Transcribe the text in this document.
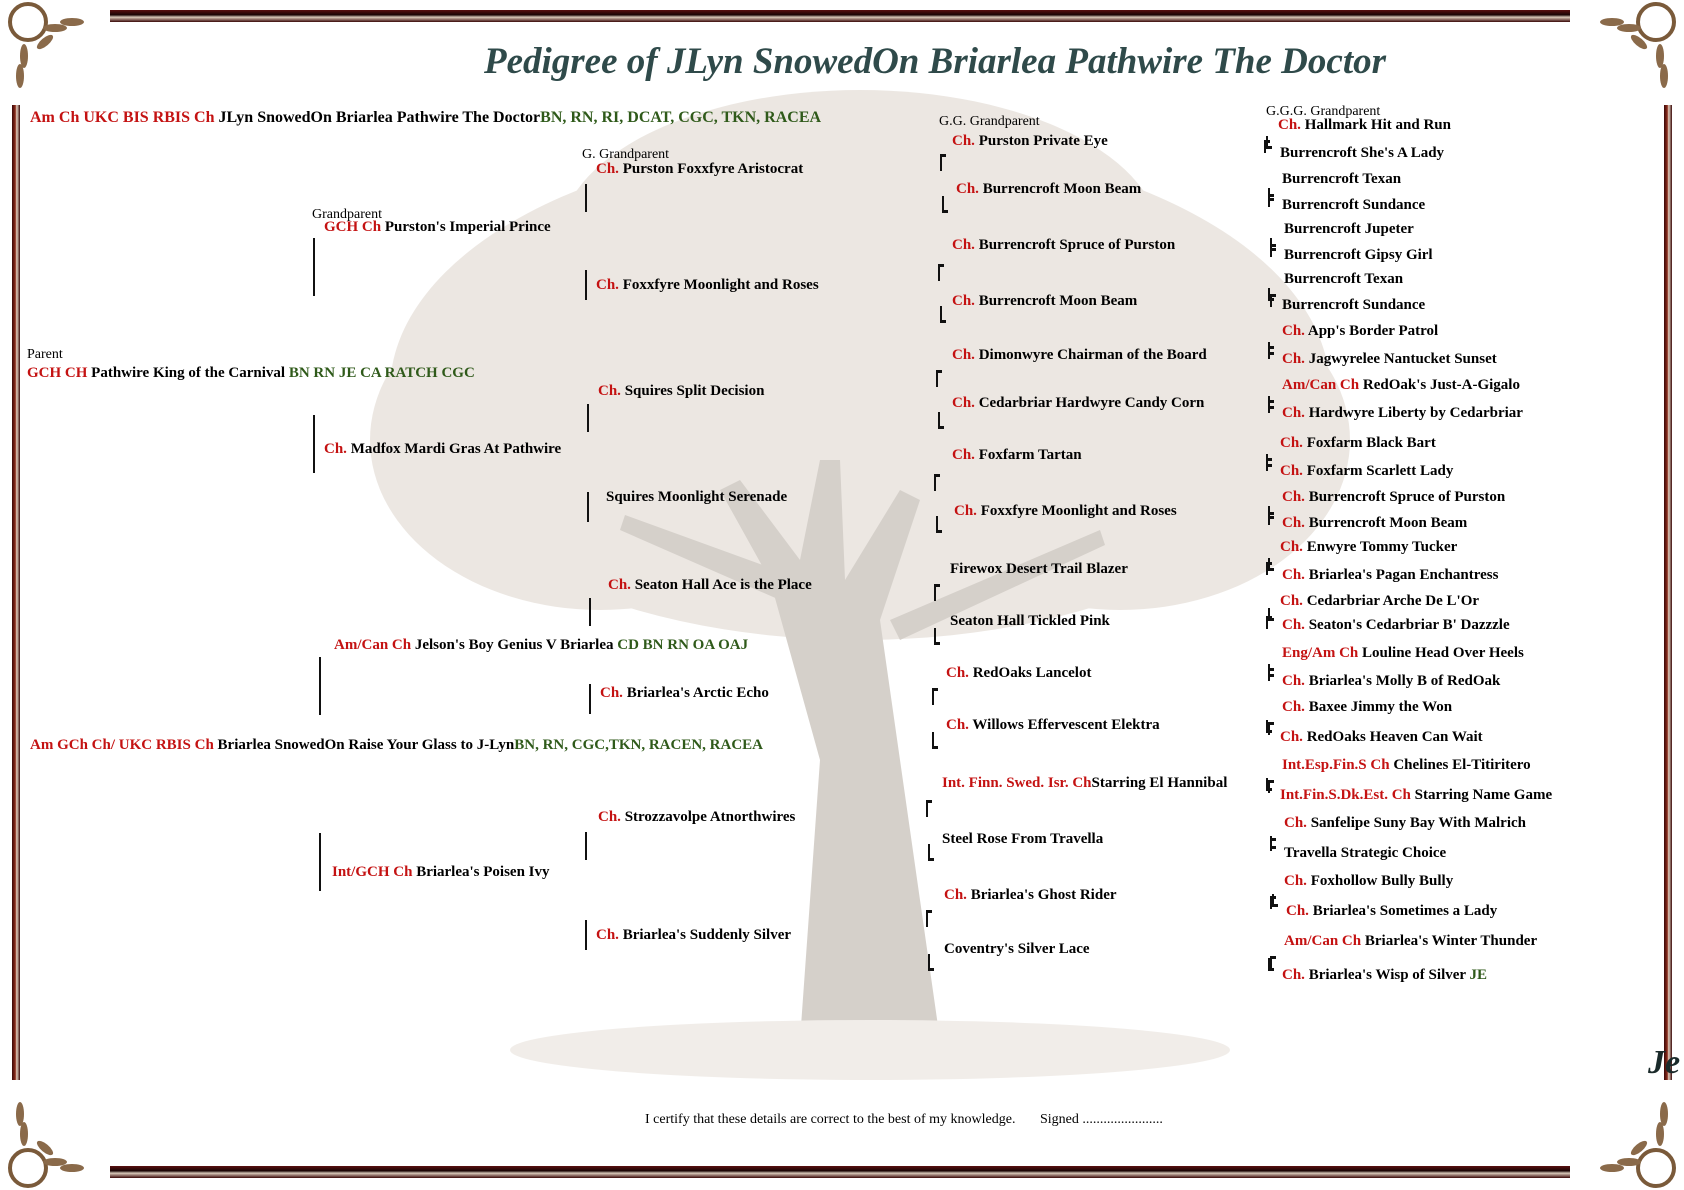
Pedigree of JLyn SnowedOn Briarlea Pathwire The Doctor
Parent
Grandparent
G. Grandparent
G.G. Grandparent
G.G.G. Grandparent
Am Ch UKC BIS RBIS Ch JLyn SnowedOn Briarlea Pathwire The DoctorBN, RN, RI, DCAT, CGC, TKN, RACEA
GCH CH Pathwire King of the Carnival BN RN JE CA RATCH CGC
Am GCh Ch/ UKC RBIS Ch Briarlea SnowedOn Raise Your Glass to J-LynBN, RN, CGC,TKN, RACEN, RACEA
GCH Ch Purston's Imperial Prince
Ch. Madfox Mardi Gras At Pathwire
Am/Can Ch Jelson's Boy Genius V Briarlea CD BN RN OA OAJ
Int/GCH Ch Briarlea's Poisen Ivy
Ch. Purston Foxxfyre Aristocrat
Ch. Foxxfyre Moonlight and Roses
Ch. Squires Split Decision
Squires Moonlight Serenade
Ch. Seaton Hall Ace is the Place
Ch. Briarlea's Arctic Echo
Ch. Strozzavolpe Atnorthwires
Ch. Briarlea's Suddenly Silver
Ch. Purston Private Eye
Ch. Burrencroft Moon Beam
Ch. Burrencroft Spruce of Purston
Ch. Burrencroft Moon Beam
Ch. Dimonwyre Chairman of the Board
Ch. Cedarbriar Hardwyre Candy Corn
Ch. Foxfarm Tartan
Ch. Foxxfyre Moonlight and Roses
Firewox Desert Trail Blazer
Seaton Hall Tickled Pink
Ch. RedOaks Lancelot
Ch. Willows Effervescent Elektra
Int. Finn. Swed. Isr. ChStarring El Hannibal
Steel Rose From Travella
Ch. Briarlea's Ghost Rider
Coventry's Silver Lace
Ch. Hallmark Hit and Run
Burrencroft She's A Lady
Burrencroft Texan
Burrencroft Sundance
Burrencroft Jupeter
Burrencroft Gipsy Girl
Burrencroft Texan
Burrencroft Sundance
Ch. App's Border Patrol
Ch. Jagwyrelee Nantucket Sunset
Am/Can Ch RedOak's Just-A-Gigalo
Ch. Hardwyre Liberty by Cedarbriar
Ch. Foxfarm Black Bart
Ch. Foxfarm Scarlett Lady
Ch. Burrencroft Spruce of Purston
Ch. Burrencroft Moon Beam
Ch. Enwyre Tommy Tucker
Ch. Briarlea's Pagan Enchantress
Ch. Cedarbriar Arche De L'Or
Ch. Seaton's Cedarbriar B' Dazzzle
Eng/Am Ch Louline Head Over Heels
Ch. Briarlea's Molly B of RedOak
Ch. Baxee Jimmy the Won
Ch. RedOaks Heaven Can Wait
Int.Esp.Fin.S Ch Chelines El-Titiritero
Int.Fin.S.Dk.Est. Ch Starring Name Game
Ch. Sanfelipe Suny Bay With Malrich
Travella Strategic Choice
Ch. Foxhollow Bully Bully
Ch. Briarlea's Sometimes a Lady
Am/Can Ch Briarlea's Winter Thunder
Ch. Briarlea's Wisp of Silver JE
I certify that these details are correct to the best of my knowledge. Signed .......................
Je
